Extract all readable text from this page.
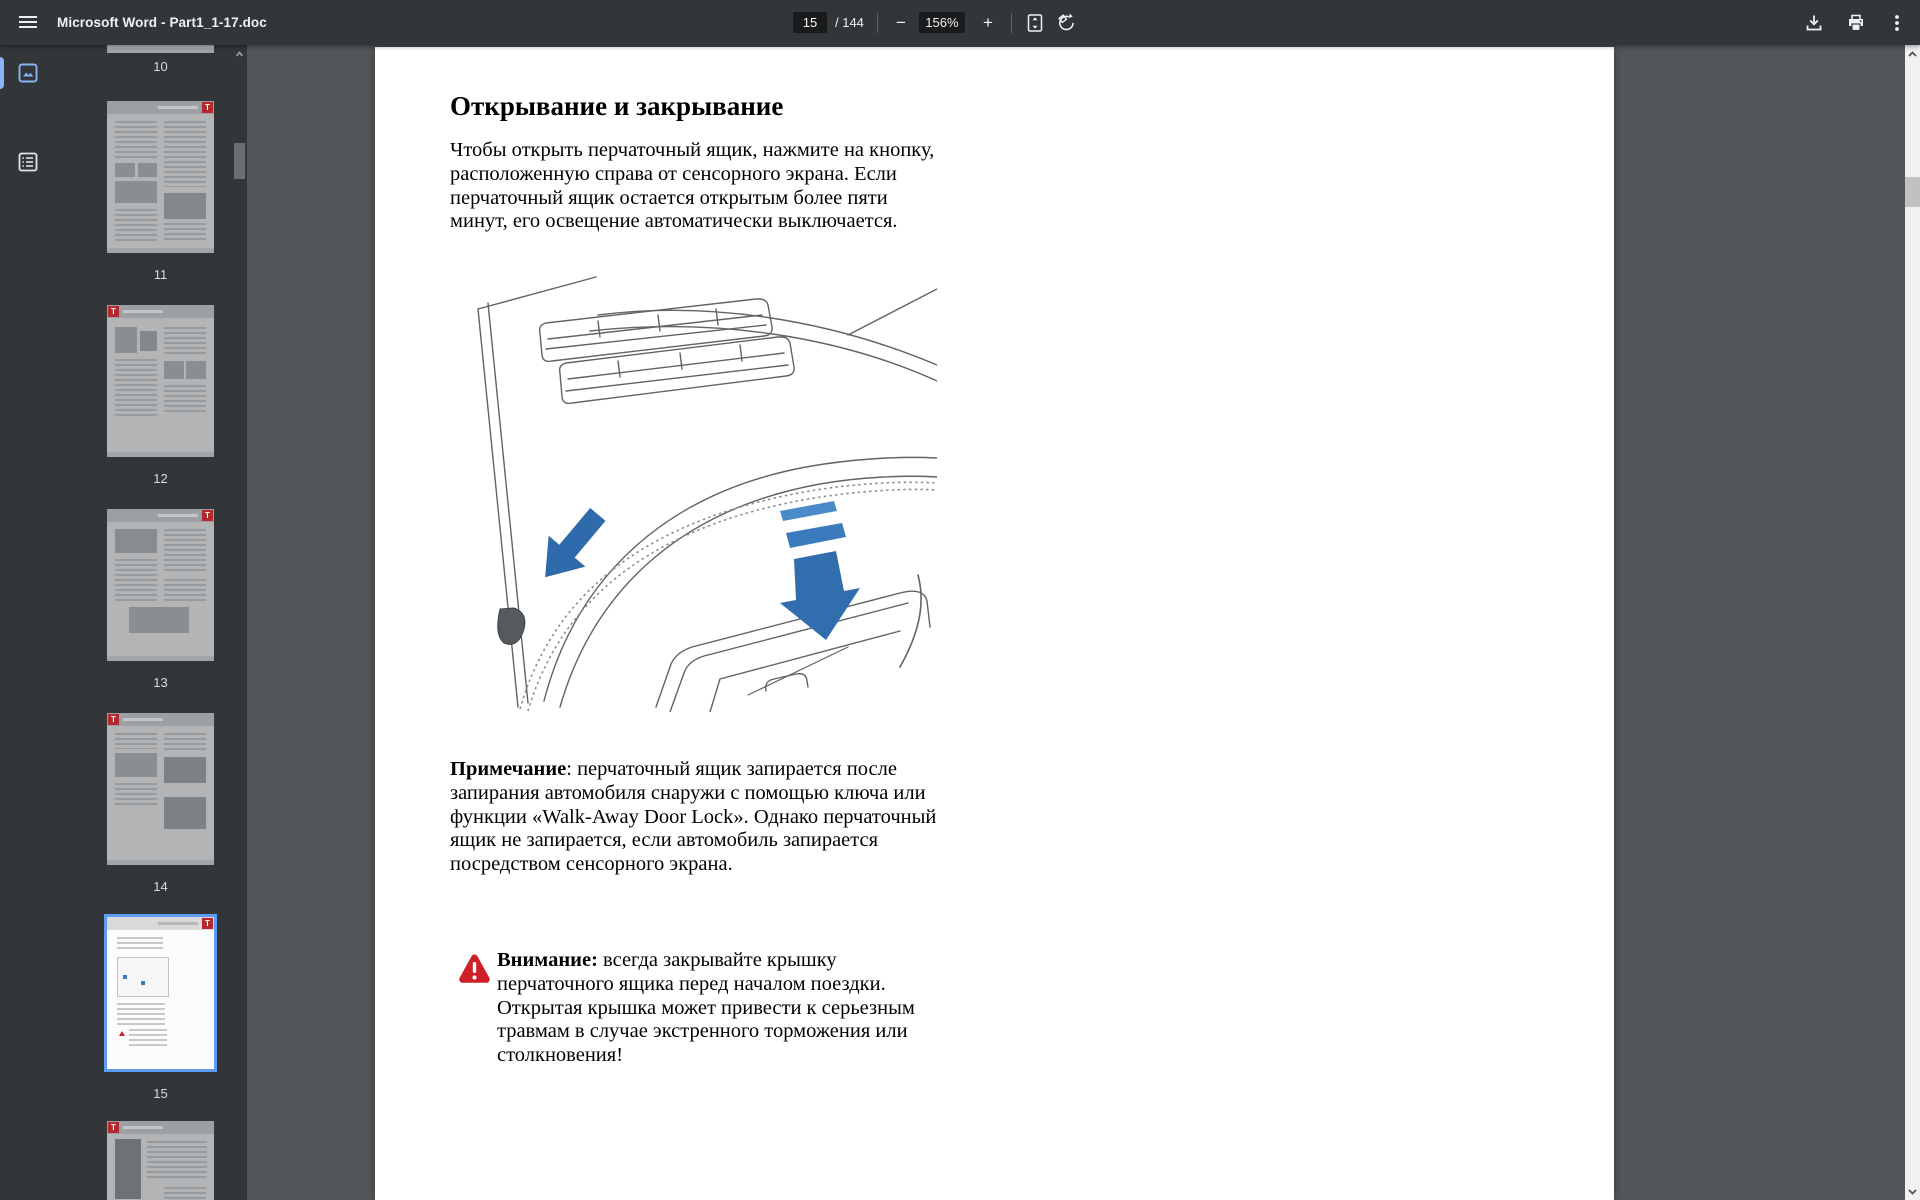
Microsoft Word - Part1_1-17.doc
15	/ 144 −	156% +
10
T
11
T
12
T
13
T
14
T
15
T
Открывание и закрывание

Чтобы открыть перчаточный ящик, нажмите на кнопку, расположенную справа от сенсорного экрана. Если перчаточный ящик остается открытым более пяти минут, его освещение автоматически выключается.

Примечание: перчаточный ящик запирается после запирания автомобиля снаружи с помощью ключа или функции «Walk-Away Door Lock». Однако перчаточный ящик не запирается, если автомобиль запирается посредством сенсорного экрана.

Внимание: всегда закрывайте крышку перчаточного ящика перед началом поездки. Открытая крышка может привести к серьезным травмам в случае экстренного торможения или столкновения!
